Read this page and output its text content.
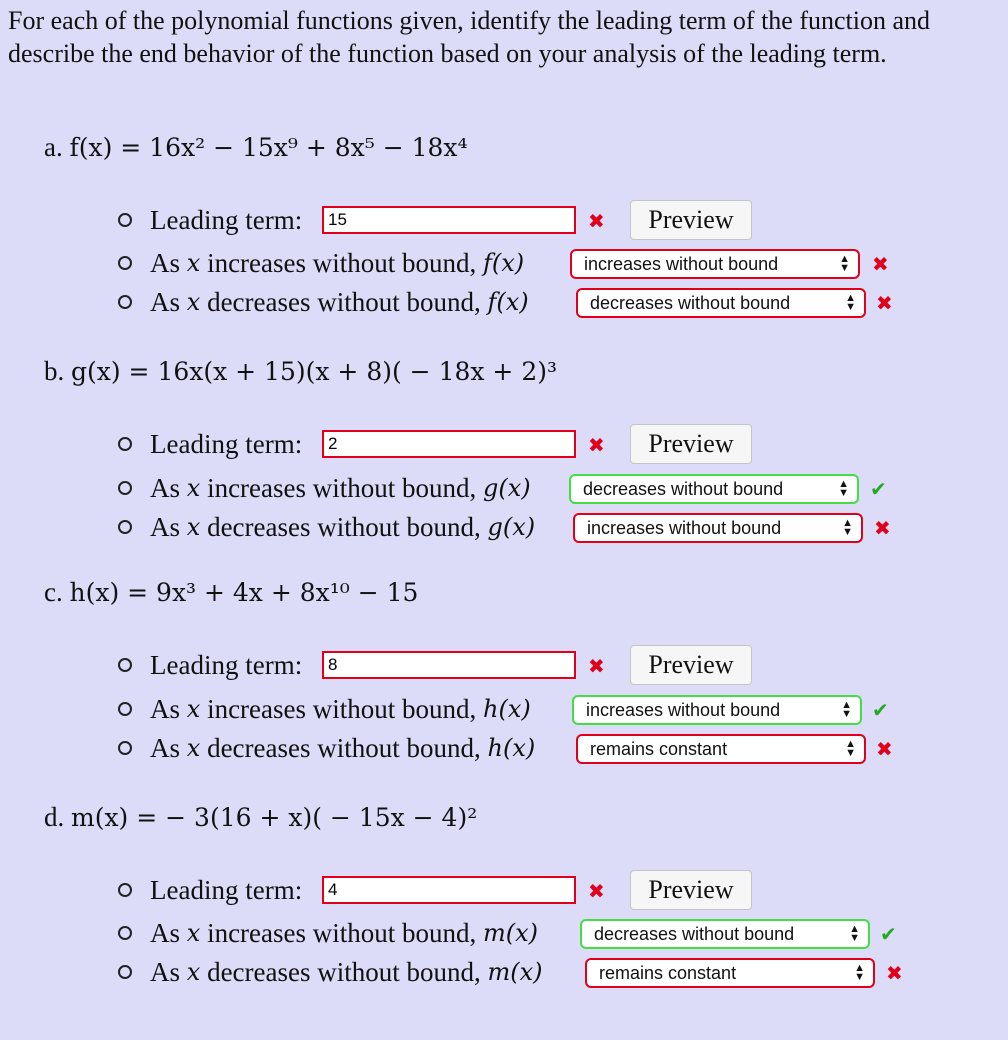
For each of the polynomial functions given, identify the leading term of the function and describe the end behavior of the function based on your analysis of the leading term.
a. f(x) = 16x² − 15x⁹ + 8x⁵ − 18x⁴
Leading term:
15	✖	Preview
As
x
increases without bound,
f (x)	increases without bound	▲
▼ ✖
As
x
decreases without bound,
f (x)	decreases without bound	▲
▼ ✖
b. g(x) = 16x(x + 15)(x + 8)( − 18x + 2)³
Leading term:
2	✖	Preview
As
x
increases without bound,
g (x)	decreases without bound	▲
▼ ✔
As
x
decreases without bound,
g (x)	increases without bound	▲
▼ ✖
c. h(x) = 9x³ + 4x + 8x¹⁰ − 15
Leading term:
8	✖	Preview
As
x
increases without bound,
h (x)	increases without bound	▲
▼ ✔
As
x
decreases without bound,
h (x)	remains constant	▲
▼ ✖
d. m(x) = − 3(16 + x)( − 15x − 4)²
Leading term:
4	✖	Preview
As
x
increases without bound,
m (x)	decreases without bound	▲
▼ ✔
As
x
decreases without bound,
m (x)	remains constant	▲
▼ ✖
